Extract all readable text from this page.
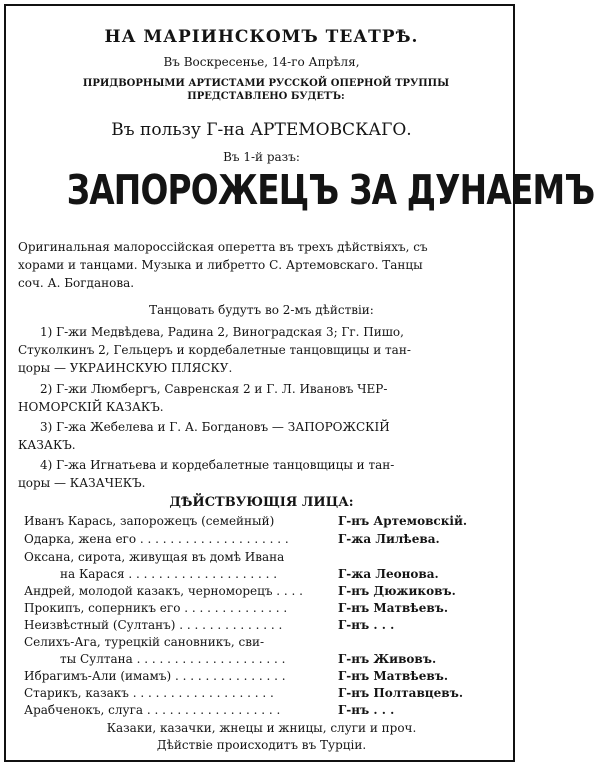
НА МАРIИНСКОМЪ ТЕАТРѢ.
Въ Воскресенье, 14-го Апрѣля,
ПРИДВОРНЫМИ АРТИСТАМИ РУССКОЙ ОПЕРНОЙ ТРУППЫ ПРЕДСТАВЛЕНО БУДЕТЪ:
Въ пользу Г-на АРТЕМОВСКАГО.
Въ 1-й разъ:
ЗАПОРОЖЕЦЪ ЗА ДУНАЕМЪ
Оригинальная малороссiйская оперетта въ трехъ дѣйствiяхъ, съ
хорами и танцами. Музыка и либретто С. Артемовскаго. Танцы
соч. А. Богданова.
Танцовать будутъ во 2-мъ дѣйствiи:
1) Г-жи Медвѣдева, Радина 2, Виноградская 3; Гг. Пишо,
Стуколкинъ 2, Гельцеръ и кордебалетные танцовщицы и тан-
цоры — УКРАИНСКУЮ ПЛЯСКУ.
2) Г-жи Люмбергъ, Савренская 2 и Г. Л. Ивановъ ЧЕР-
НОМОРСКIЙ КАЗАКЪ.
3) Г-жа Жебелева и Г. А. Богдановъ — ЗАПОРОЖСКIЙ
КАЗАКЪ.
4) Г-жа Игнатьева и кордебалетные танцовщицы и тан-
цоры — КАЗАЧЕКЪ.
ДѢЙСТВУЮЩIЯ ЛИЦА:
Иванъ Карась, запорожецъ (семейный)	Г-нъ Артемовскiй.
Одарка, жена его . . . . . . . . . . . . . . . . . . . .	Г-жа Лилѣева.
Оксана, сирота, живущая въ домѣ Ивана
на Карася . . . . . . . . . . . . . . . . . . . .	Г-жа Леонова.
Андрей, молодой казакъ, черноморецъ . . . .	Г-нъ Дюжиковъ.
Прокипъ, соперникъ его . . . . . . . . . . . . . .	Г-нъ Матвѣевъ.
Неизвѣстный (Султанъ) . . . . . . . . . . . . . .	Г-нъ . . .
Селихъ-Ага, турецкiй сановникъ, сви-
ты Султана . . . . . . . . . . . . . . . . . . . .	Г-нъ Живовъ.
Ибрагимъ-Али (имамъ) . . . . . . . . . . . . . . .	Г-нъ Матвѣевъ.
Старикъ, казакъ . . . . . . . . . . . . . . . . . . .	Г-нъ Полтавцевъ.
Арабченокъ, слуга . . . . . . . . . . . . . . . . . .	Г-нъ . . .
Казаки, казачки, жнецы и жницы, слуги и проч.
Дѣйствiе происходитъ въ Турцiи.
